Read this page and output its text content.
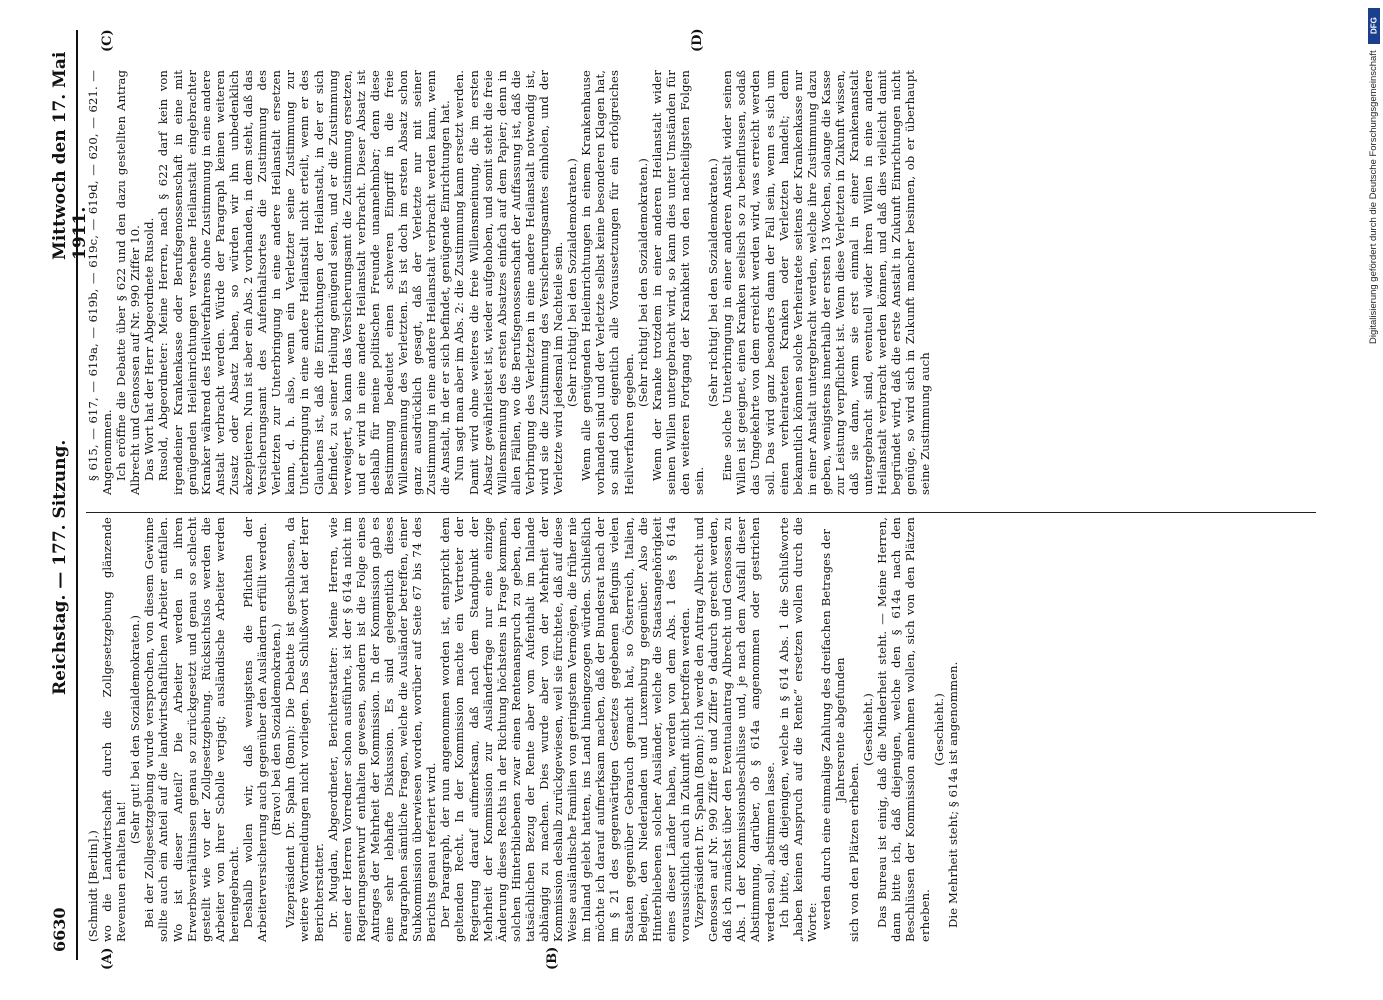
6630
Reichstag. — 177. Sitzung.
Mittwoch den 17. Mai 1911.
(A)	(B)
(C)	(D)

(Schmidt [Berlin].) wo die Landwirtschaft durch die Zollgesetzgebung glänzende Revenuen erhalten hat!

(Sehr gut! bei den Sozialdemokraten.) Bei der Zollgesetzgebung wurde versprochen, von diesem Gewinne sollte auch ein Anteil auf die landwirtschaftlichen Arbeiter entfallen. Wo ist dieser Anteil? Die Arbeiter werden in ihren Erwerbsverhältnissen genau so zurückgesetzt und genau so schlecht gestellt wie vor der Zollgesetzgebung. Rücksichtslos werden die Arbeiter von ihrer Scholle verjagt; ausländische Arbeiter werden hereingebracht. Deshalb wollen wir, daß wenigstens die Pflichten der Arbeiterversicherung auch gegenüber den Ausländern erfüllt werden. (Bravo! bei den Sozialdemokraten.) Vizepräsident Dr. Spahn (Bonn): Die Debatte ist geschlossen, da weitere Wortmeldungen nicht vorliegen. Das Schlußwort hat der Herr Berichterstatter. Dr. Mugdan, Abgeordneter, Berichterstatter: Meine Herren, wie einer der Herren Vorredner schon ausführte, ist der § 614a nicht im Regierungsentwurf enthalten gewesen, sondern ist die Folge eines Antrages der Mehrheit der Kommission. In der Kommission gab es eine sehr lebhafte Diskussion. Es sind gelegentlich dieses Paragraphen sämtliche Fragen, welche die Ausländer betreffen, einer Subkommission überwiesen worden, worüber auf Seite 67 bis 74 des Berichts genau referiert wird. Der Paragraph, der nun angenommen worden ist, entspricht dem geltenden Recht. In der Kommission machte ein Vertreter der Regierung darauf aufmerksam, daß nach dem Standpunkt der Mehrheit der Kommission zur Ausländerfrage nur eine einzige Änderung dieses Rechts in der Richtung höchstens in Frage kommen, solchen Hinterbliebenen zwar einen Rentenanspruch zu geben, den tatsächlichen Bezug der Rente aber vom Aufenthalt im Inlande abhängig zu machen. Dies wurde aber von der Mehrheit der Kommission deshalb zurückgewiesen, weil sie fürchtete, daß auf diese Weise ausländische Familien von geringstem Vermögen, die früher nie im Inland gelebt hatten, ins Land hineingezogen würden. Schließlich möchte ich darauf aufmerksam machen, daß der Bundesrat nach der im § 21 des gegenwärtigen Gesetzes gegebenen Befugnis vielen Staaten gegenüber Gebrauch gemacht hat, so Österreich, Italien, Belgien, den Niederlanden und Luxemburg gegenüber. Also die Hinterbliebenen solcher Ausländer, welche die Staatsangehörigkeit eines dieser Länder haben, werden von dem Abs. 1 des § 614a voraussichtlich auch in Zukunft nicht betroffen werden. Vizepräsident Dr. Spahn (Bonn): Ich werde den Antrag Albrecht und Genossen auf Nr. 990 Ziffer 8 und Ziffer 9 dadurch gerecht werden, daß ich zunächst über den Eventualantrag Albrecht und Genossen zu Abs. 1 der Kommissionsbeschlüsse und, je nach dem Ausfall dieser Abstimmung, darüber, ob § 614a angenommen oder gestrichen werden soll, abstimmen lasse. Ich bitte, daß diejenigen, welche in § 614 Abs. 1 die Schlußworte „haben keinen Anspruch auf die Rente“ ersetzen wollen durch die Worte: werden durch eine einmalige Zahlung des dreifachen Betrages der Jahresrente abgefunden

sich von den Plätzen erheben.

(Geschieht.) Das Bureau ist einig, daß die Minderheit steht. — Meine Herren, dann bitte ich, daß diejenigen, welche den § 614a nach den Beschlüssen der Kommission annehmen wollen, sich von den Plätzen erheben.

(Geschieht.) Die Mehrheit steht; § 614a ist angenommen.

§ 615, — 617, — 619a, — 619b, — 619c, — 619d, — 620, — 621. — Angenommen. Ich eröffne die Debatte über § 622 und den dazu gestellten Antrag Albrecht und Genossen auf Nr. 990 Ziffer 10. Das Wort hat der Herr Abgeordnete Rusold. Rusold, Abgeordneter: Meine Herren, nach § 622 darf kein von irgendeiner Krankenkasse oder Berufsgenossenschaft in eine mit genügenden Heileinrichtungen versehene Heilanstalt eingebrachter Kranker während des Heilverfahrens ohne Zustimmung in eine andere Anstalt verbracht werden. Würde der Paragraph keinen weiteren Zusatz oder Absatz haben, so würden wir ihn unbedenklich akzeptieren. Nun ist aber ein Abs. 2 vorhanden, in dem steht, daß das Versicherungsamt des Aufenthaltsortes die Zustimmung des Verletzten zur Unterbringung in eine andere Heilanstalt ersetzen kann, d. h. also, wenn ein Verletzter seine Zustimmung zur Unterbringung in eine andere Heilanstalt nicht erteilt, wenn er des Glaubens ist, daß die Einrichtungen der Heilanstalt, in der er sich befindet, zu seiner Heilung genügend seien, und er die Zustimmung verweigert, so kann das Versicherungsamt die Zustimmung ersetzen, und er wird in eine andere Heilanstalt verbracht. Dieser Absatz ist deshalb für meine politischen Freunde unannehmbar; denn diese Bestimmung bedeutet einen schweren Eingriff in die freie Willensmeinung des Verletzten. Es ist doch im ersten Absatz schon ganz ausdrücklich gesagt, daß der Verletzte nur mit seiner Zustimmung in eine andere Heilanstalt verbracht werden kann, wenn die Anstalt, in der er sich befindet, genügende Einrichtungen hat. Nun sagt man aber im Abs. 2: die Zustimmung kann ersetzt werden. Damit wird ohne weiteres die freie Willensmeinung, die im ersten Absatz gewährleistet ist, wieder aufgehoben, und somit steht die freie Willensmeinung des ersten Absatzes einfach auf dem Papier; denn in allen Fällen, wo die Berufsgenossenschaft der Auffassung ist, daß die Verbringung des Verletzten in eine andere Heilanstalt notwendig ist, wird sie die Zustimmung des Versicherungsamtes einholen, und der Verletzte wird jedesmal im Nachteile sein. (Sehr richtig! bei den Sozialdemokraten.) Wenn alle genügenden Heileinrichtungen in einem Krankenhause vorhanden sind und der Verletzte selbst keine besonderen Klagen hat, so sind doch eigentlich alle Voraussetzungen für ein erfolgreiches Heilverfahren gegeben.

(Sehr richtig! bei den Sozialdemokraten.) Wenn der Kranke trotzdem in einer anderen Heilanstalt wider seinen Willen untergebracht wird, so kann dies unter Umständen für den weiteren Fortgang der Krankheit von den nachteiligsten Folgen sein.

(Sehr richtig! bei den Sozialdemokraten.) Eine solche Unterbringung in einer anderen Anstalt wider seinen Willen ist geeignet, einen Kranken seelisch so zu beeinflussen, sodaß das Umgekehrte von dem erreicht werden wird, was erreicht werden soll. Das wird ganz besonders dann der Fall sein, wenn es sich um einen verheirateten Kranken oder Verletzten handelt; denn bekanntlich können solche Verheiratete seitens der Krankenkasse nur in einer Anstalt untergebracht werden, welche ihre Zustimmung dazu geben, wenigstens innerhalb der ersten 13 Wochen, solange die Kasse zur Leistung verpflichtet ist. Wenn diese Verletzten in Zukunft wissen, daß sie dann, wenn sie erst einmal in einer Krankenanstalt untergebracht sind, eventuell wider ihren Willen in eine andere Heilanstalt verbracht werden können, und daß dies vielleicht damit begründet wird, daß die erste Anstalt in Zukunft Einrichtungen nicht genüge, so wird sich in Zukunft mancher besinnen, ob er überhaupt seine Zustimmung auch

DFG
Digitalisierung gefördert durch die Deutsche Forschungsgemeinschaft
